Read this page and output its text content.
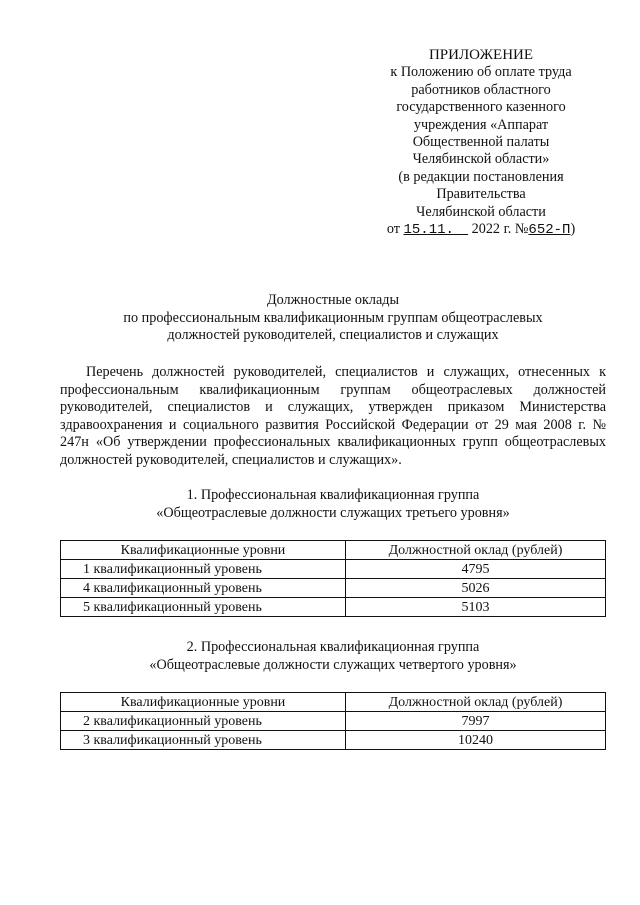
ПРИЛОЖЕНИЕ
к Положению об оплате труда
работников областного
государственного казенного
учреждения «Аппарат
Общественной палаты
Челябинской области»
(в редакции постановления
Правительства
Челябинской области
от 15.11. 2022 г. №652-П)
Должностные оклады
по профессиональным квалификационным группам общеотраслевых
должностей руководителей, специалистов и служащих
Перечень должностей руководителей, специалистов и служащих, отнесенных к профессиональным квалификационным группам общеотраслевых должностей руководителей, специалистов и служащих, утвержден приказом Министерства здравоохранения и социального развития Российской Федерации от 29 мая 2008 г. № 247н «Об утверждении профессиональных квалификационных групп общеотраслевых должностей руководителей, специалистов и служащих».
1. Профессиональная квалификационная группа
«Общеотраслевые должности служащих третьего уровня»
Квалификационные уровни	Должностной оклад (рублей)
1 квалификационный уровень	4795
4 квалификационный уровень	5026
5 квалификационный уровень	5103
2. Профессиональная квалификационная группа
«Общеотраслевые должности служащих четвертого уровня»
Квалификационные уровни	Должностной оклад (рублей)
2 квалификационный уровень	7997
3 квалификационный уровень	10240
